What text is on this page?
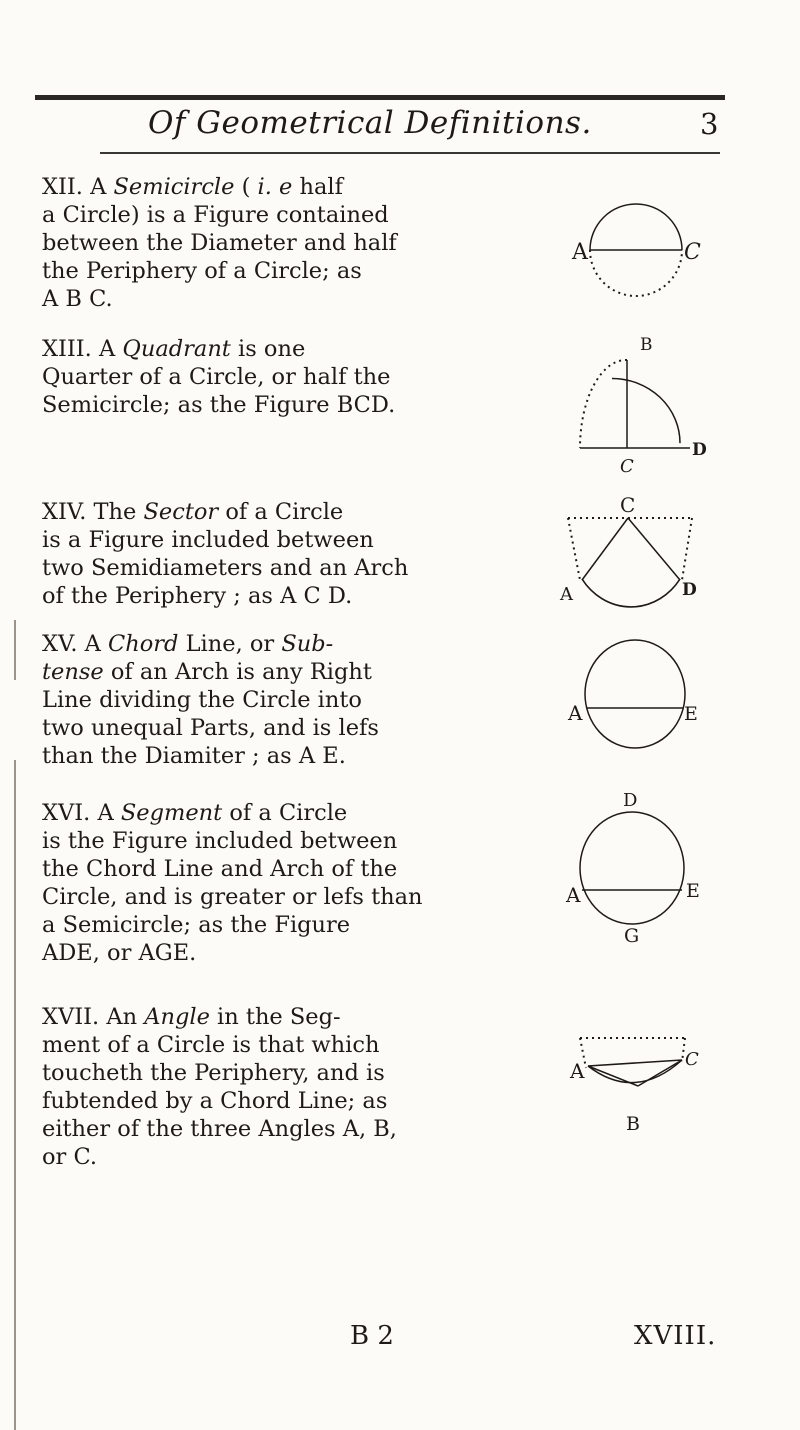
Of Geometrical Definitions.	3
XII. A Semicircle ( i. e half
a Circle) is a Figure contained
between the Diameter and half
the Periphery of a Circle; as
A B C.
XIII. A Quadrant is one
Quarter of a Circle, or half the
Semicircle; as the Figure BCD.
XIV. The Sector of a Circle
is a Figure included between
two Semidiameters and an Arch
of the Periphery ; as A C D.
XV. A Chord Line, or Sub-
tense of an Arch is any Right
Line dividing the Circle into
two unequal Parts, and is lefs
than the Diamiter ; as A E.
XVI. A Segment of a Circle
is the Figure included between
the Chord Line and Arch of the
Circle, and is greater or lefs than
a Semicircle; as the Figure
ADE, or AGE.
XVII. An Angle in the Seg-
ment of a Circle is that which
toucheth the Periphery, and is
fubtended by a Chord Line; as
either of the three Angles A, B,
or C.
A	C
B
D
C
C
A	D
A	E
D
A	E
G
A	C
B
B 2	XVIII.
